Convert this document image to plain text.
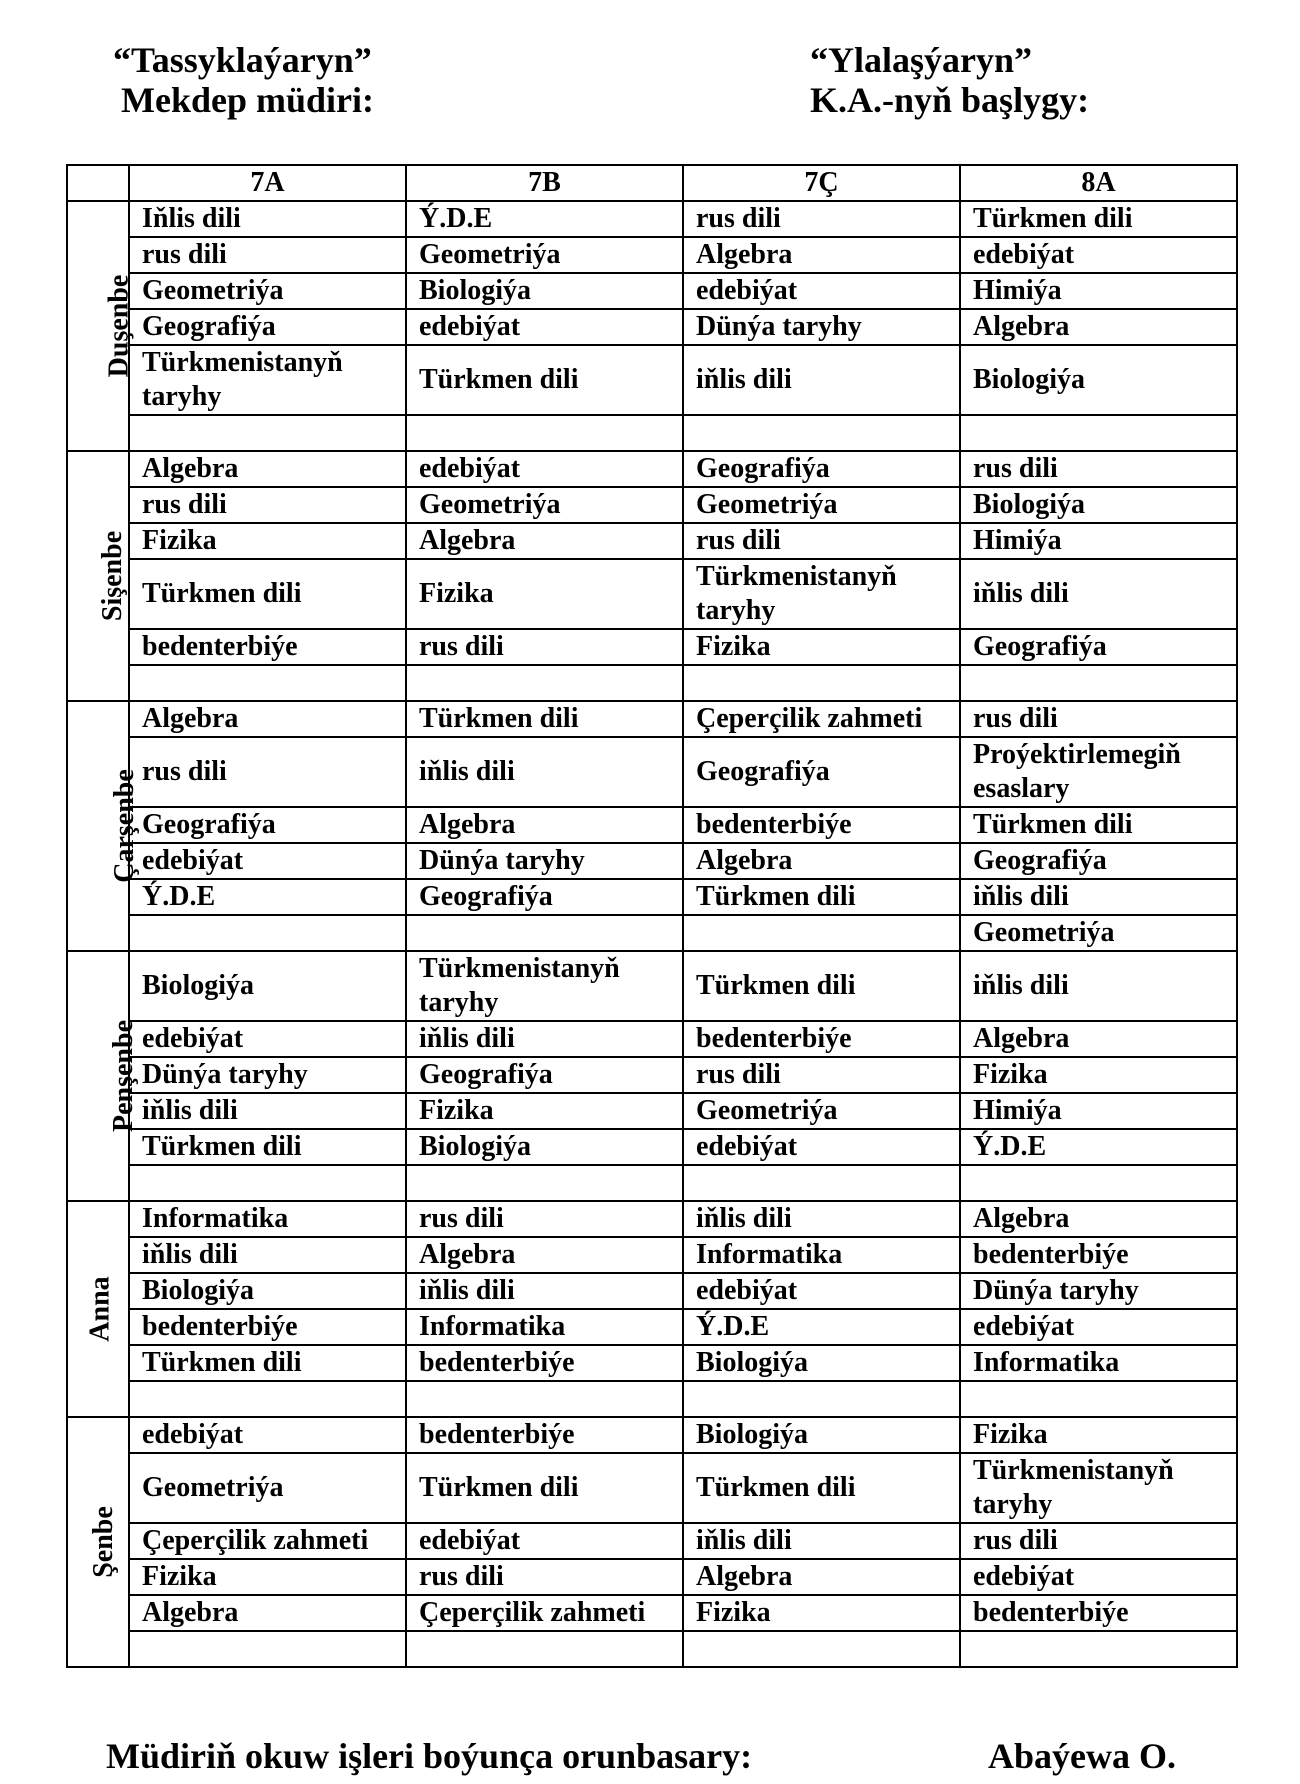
“Tassyklaýaryn”
Mekdep müdiri:
“Ylalaşýaryn”
K.A.-nyň başlygy:
	7A	7B	7Ç	8A
Duşenbe	Iňlis dili	Ý.D.E	rus dili	Türkmen dili
	rus dili	Geometriýa	Algebra	edebiýat
	Geometriýa	Biologiýa	edebiýat	Himiýa
	Geografiýa	edebiýat	Dünýa taryhy	Algebra
	Türkmenistanyň taryhy	Türkmen dili	iňlis dili	Biologiýa

Sişenbe	Algebra	edebiýat	Geografiýa	rus dili
	rus dili	Geometriýa	Geometriýa	Biologiýa
	Fizika	Algebra	rus dili	Himiýa
	Türkmen dili	Fizika	Türkmenistanyň taryhy	iňlis dili
	bedenterbiýe	rus dili	Fizika	Geografiýa

Çarşenbe	Algebra	Türkmen dili	Çeperçilik zahmeti	rus dili
	rus dili	iňlis dili	Geografiýa	Proýektirlemegiň esaslary
	Geografiýa	Algebra	bedenterbiýe	Türkmen dili
	edebiýat	Dünýa taryhy	Algebra	Geografiýa
	Ý.D.E	Geografiýa	Türkmen dili	iňlis dili
				Geometriýa
Penşenbe	Biologiýa	Türkmenistanyň taryhy	Türkmen dili	iňlis dili
	edebiýat	iňlis dili	bedenterbiýe	Algebra
	Dünýa taryhy	Geografiýa	rus dili	Fizika
	iňlis dili	Fizika	Geometriýa	Himiýa
	Türkmen dili	Biologiýa	edebiýat	Ý.D.E

Anna	Informatika	rus dili	iňlis dili	Algebra
	iňlis dili	Algebra	Informatika	bedenterbiýe
	Biologiýa	iňlis dili	edebiýat	Dünýa taryhy
	bedenterbiýe	Informatika	Ý.D.E	edebiýat
	Türkmen dili	bedenterbiýe	Biologiýa	Informatika

Şenbe	edebiýat	bedenterbiýe	Biologiýa	Fizika
	Geometriýa	Türkmen dili	Türkmen dili	Türkmenistanyň taryhy
	Çeperçilik zahmeti	edebiýat	iňlis dili	rus dili
	Fizika	rus dili	Algebra	edebiýat
	Algebra	Çeperçilik zahmeti	Fizika	bedenterbiýe

Müdiriň okuw işleri boýunça orunbasary:	Abaýewa O.
